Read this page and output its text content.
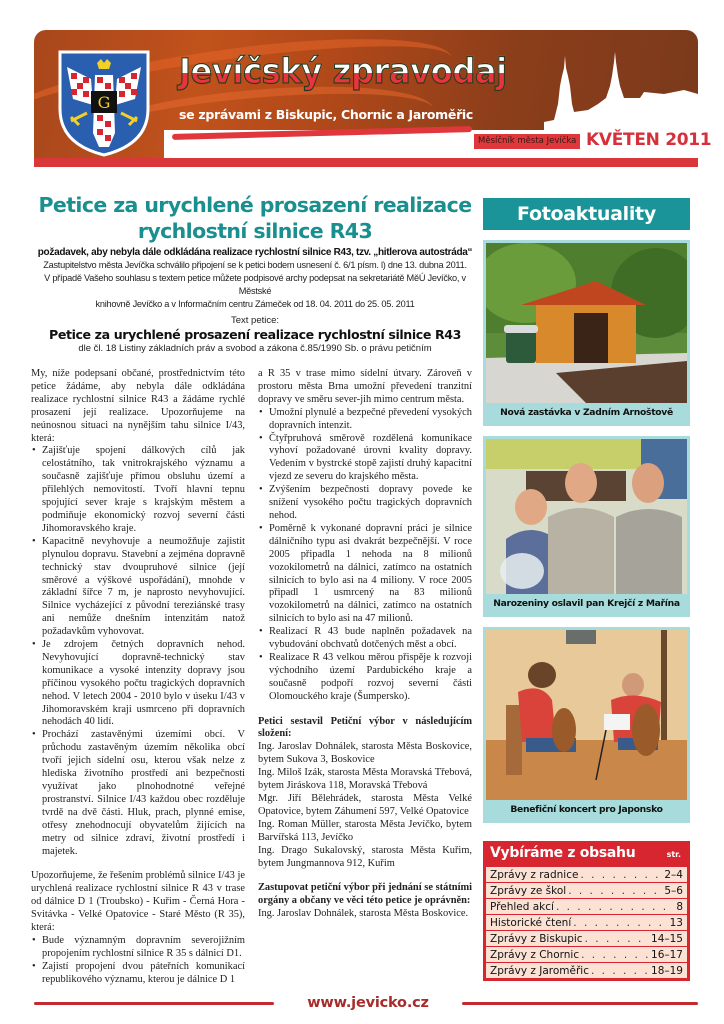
G
Jevíčský zpravodaj
se zprávami z Biskupic, Chornic a Jaroměřic
Měsíčník města Jevíčka KVĚTEN 2011
Petice za urychlené prosazení realizace rychlostní silnice R43
požadavek, aby nebyla dále odkládána realizace rychlostní silnice R43, tzv. „hitlerova autostráda“
Zastupitelstvo města Jevíčka schválilo připojení se k petici bodem usnesení č. 6/1 písm. l) dne 13. dubna 2011.
V případě Vašeho souhlasu s textem petice můžete podpisové archy podepsat na sekretariátě MěÚ Jevíčko, v Městské
knihovně Jevíčko a v Informačním centru Zámeček od 18. 04. 2011 do 25. 05. 2011
Text petice:
Petice za urychlené prosazení realizace rychlostní silnice R43
dle čl. 18 Listiny základních práv a svobod a zákona č.85/1990 Sb. o právu petičním

My, níže podepsaní občané, prostřednictvím této petice žádáme, aby nebyla dále odkládána realizace rychlostní silnice R43 a žádáme rychlé prosazení její realizace. Upozorňujeme na neúnosnou situaci na nynějším tahu silnice I/43, která:

• Zajišťuje spojení dálkových cílů jak celostátního, tak vnitrokrajského významu a současně zajišťuje přímou obsluhu území a přilehlých nemovitostí. Tvoří hlavní tepnu spojující sever kraje s krajským městem a podmiňuje ekonomický rozvoj severní části Jihomoravského kraje.
• Kapacitně nevyhovuje a neumožňuje zajistit plynulou dopravu. Stavební a zejména dopravně technický stav dvoupruhové silnice (její směrové a výškové uspořádání), mnohde v základní šířce 7 m, je naprosto nevyhovující. Silnice vycházející z původní tereziánské trasy ani nemůže dnešním intenzitám natož požadavkům vyhovovat.
• Je zdrojem četných dopravních nehod. Nevyhovující dopravně-technický stav komunikace a vysoké intenzity dopravy jsou příčinou vysokého počtu tragických dopravních nehod. V letech 2004 - 2010 bylo v úseku I/43 v Jihomoravském kraji usmrceno při dopravních nehodách 40 lidí.
• Prochází zastavěnými územími obcí. V průchodu zastavěným územím několika obcí tvoří jejich sídelní osu, kterou však nelze z hlediska životního prostředí ani bezpečnosti využívat jako plnohodnotné veřejné prostranství. Silnice I/43 každou obec rozděluje tvrdě na dvě části. Hluk, prach, plynné emise, otřesy znehodnocují obyvatelům žijících na metry od silnice zdraví, životní prostředí i majetek.

Upozorňujeme, že řešením problémů silnice I/43 je urychlená realizace rychlostní silnice R 43 v trase od dálnice D 1 (Troubsko) - Kuřim - Černá Hora - Svitávka - Velké Opatovice - Staré Město (R 35), která:

• Bude významným dopravním severojižním propojením rychlostní silnice R 35 s dálnicí D1.
• Zajistí propojení dvou páteřních komunikací republikového významu, kterou je dálnice D 1

a R 35 v trase mimo sídelní útvary. Zároveň v prostoru města Brna umožní převedení tranzitní dopravy ve směru sever-jih mimo centrum města.

• Umožní plynulé a bezpečné převedení vysokých dopravních intenzit.
• Čtyřpruhová směrově rozdělená komunikace vyhoví požadované úrovni kvality dopravy. Vedením v bystrcké stopě zajistí druhý kapacitní vjezd ze severu do krajského města.
• Zvýšením bezpečnosti dopravy povede ke snížení vysokého počtu tragických dopravních nehod.
• Poměrně k vykonané dopravní práci je silnice dálničního typu asi dvakrát bezpečnější. V roce 2005 připadla 1 nehoda na 8 milionů vozokilometrů na dálnici, zatímco na ostatních silnicích to bylo asi na 4 miliony. V roce 2005 připadl 1 usmrcený na 83 milionů vozokilometrů na dálnici, zatímco na ostatních silnicích to bylo asi na 47 milionů.
• Realizací R 43 bude naplněn požadavek na vybudování obchvatů dotčených měst a obcí.
• Realizace R 43 velkou měrou přispěje k rozvoji východního území Pardubického kraje a současně podpoří rozvoj severní části Olomouckého kraje (Šumpersko).

Petici sestavil Petiční výbor v následujícím složení:

Ing. Jaroslav Dohnálek, starosta Města Boskovice, bytem Sukova 3, Boskovice

Ing. Miloš Izák, starosta Města Moravská Třebová, bytem Jiráskova 118, Moravská Třebová

Mgr. Jiří Bělehrádek, starosta Města Velké Opatovice, bytem Záhumení 597, Velké Opatovice

Ing. Roman Müller, starosta Města Jevíčko, bytem Barvířská 113, Jevíčko

Ing. Drago Sukalovský, starosta Města Kuřim, bytem Jungmannova 912, Kuřim

Zastupovat petiční výbor při jednání se státními orgány a občany ve věci této petice je oprávněn:

Ing. Jaroslav Dohnálek, starosta Města Boskovice.

Fotoaktuality
Nová zastávka v Zadním Arnoštově
Narozeniny oslavil pan Krejčí z Mařína
Benefiční koncert pro Japonsko
Vybíráme z obsahu	str.
Zprávy z radnice . . .	2–4
Zprávy ze škol . . .	5–6
Přehled akcí . . .	8
Historické čtení . . .	13
Zprávy z Biskupic . . .	14–15
Zprávy z Chornic . . .	16–17
Zprávy z Jaroměřic . . .	18–19
www.jevicko.cz
